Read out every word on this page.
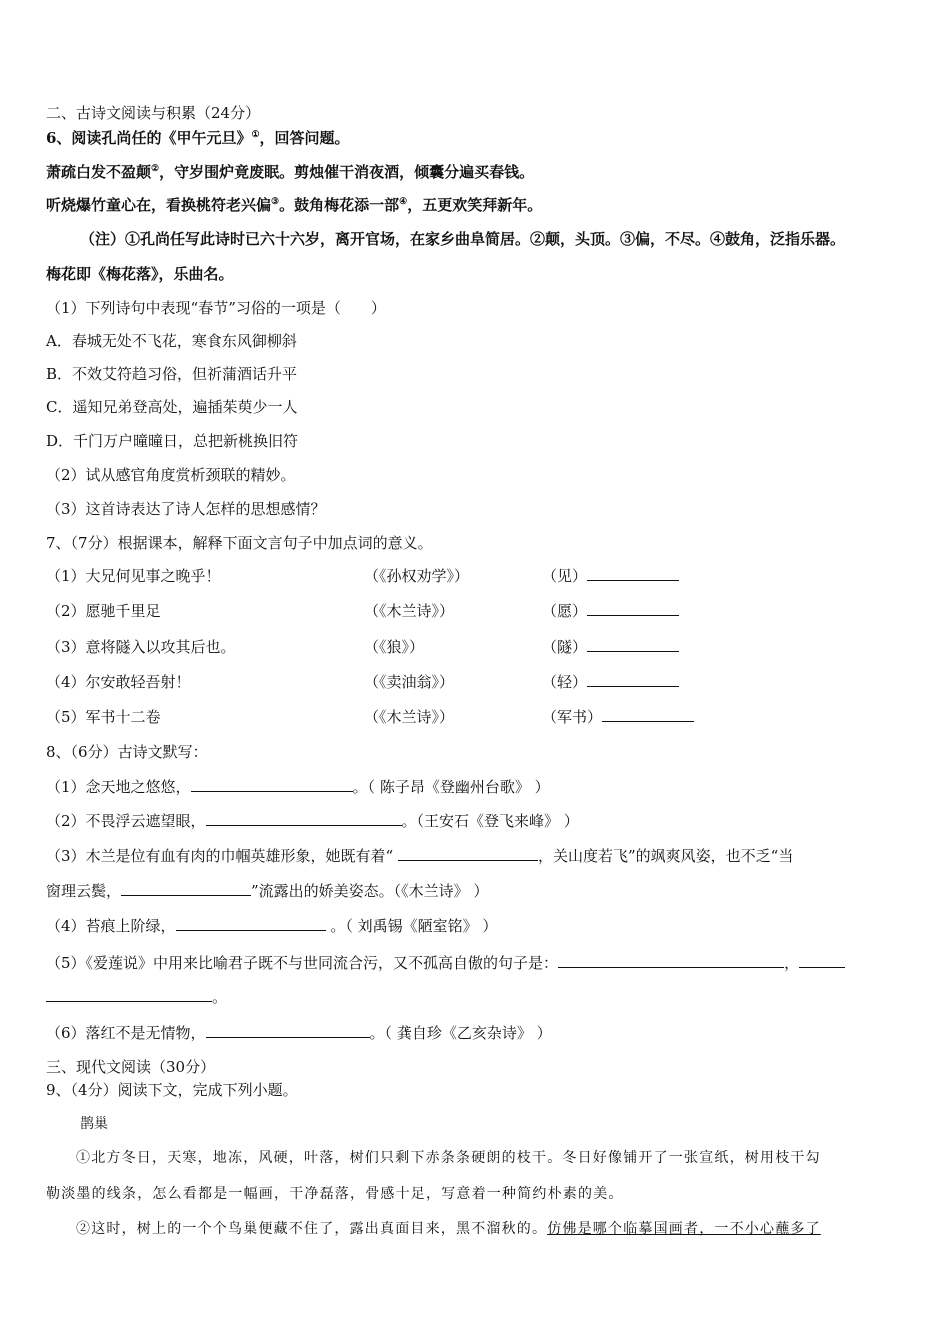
二、古诗文阅读与积累（24分）
6、阅读孔尚任的《甲午元旦》①，回答问题。
萧疏白发不盈颠②，守岁围炉竟废眠。剪烛催干消夜酒，倾囊分遍买春钱。
听烧爆竹童心在，看换桃符老兴偏③。鼓角梅花添一部④，五更欢笑拜新年。
（注）①孔尚任写此诗时已六十六岁，离开官场，在家乡曲阜简居。②颠，头顶。③偏，不尽。④鼓角，泛指乐器。
梅花即《梅花落》，乐曲名。
（1）下列诗句中表现“春节”习俗的一项是（　　）
A．春城无处不飞花，寒食东风御柳斜
B．不效艾符趋习俗，但祈蒲酒话升平
C．遥知兄弟登高处，遍插茱萸少一人
D．千门万户曈曈日，总把新桃换旧符
（2）试从感官角度赏析颈联的精妙。
（3）这首诗表达了诗人怎样的思想感情？
7、（7分）根据课本，解释下面文言句子中加点词的意义。
（1）大兄何见事之晚乎！	（《孙权劝学》）	（见）
（2）愿驰千里足	（《木兰诗》）	（愿）
（3）意将隧入以攻其后也。	（《狼》）	（隧）
（4）尔安敢轻吾射！	（《卖油翁》）	（轻）
（5）军书十二卷	（《木兰诗》）	（军书）
8、（6分）古诗文默写：
（1）念天地之悠悠，	。（ 陈子昂《登幽州台歌》 ）
（2）不畏浮云遮望眼，	。（王安石《登飞来峰》 ）
（3）木兰是位有血有肉的巾帼英雄形象，她既有着“	，关山度若飞”的飒爽风姿，也不乏“当
窗理云鬓，	”流露出的娇美姿态。（《木兰诗》 ）
（4）苔痕上阶绿，	。（ 刘禹锡《陋室铭》 ）
（5）《爱莲说》中用来比喻君子既不与世同流合污，又不孤高自傲的句子是：	，
。
（6）落红不是无情物，	。（ 龚自珍《乙亥杂诗》 ）
三、现代文阅读（30分）
9、（4分）阅读下文，完成下列小题。
鹊巢
①北方冬日，天寒，地冻，风硬，叶落，树们只剩下赤条条硬朗的枝干。冬日好像铺开了一张宣纸，树用枝干勾
勒淡墨的线条，怎么看都是一幅画，干净磊落，骨感十足，写意着一种简约朴素的美。
②这时，树上的一个个鸟巢便藏不住了，露出真面目来，黑不溜秋的。仿佛是哪个临摹国画者，一不小心蘸多了
